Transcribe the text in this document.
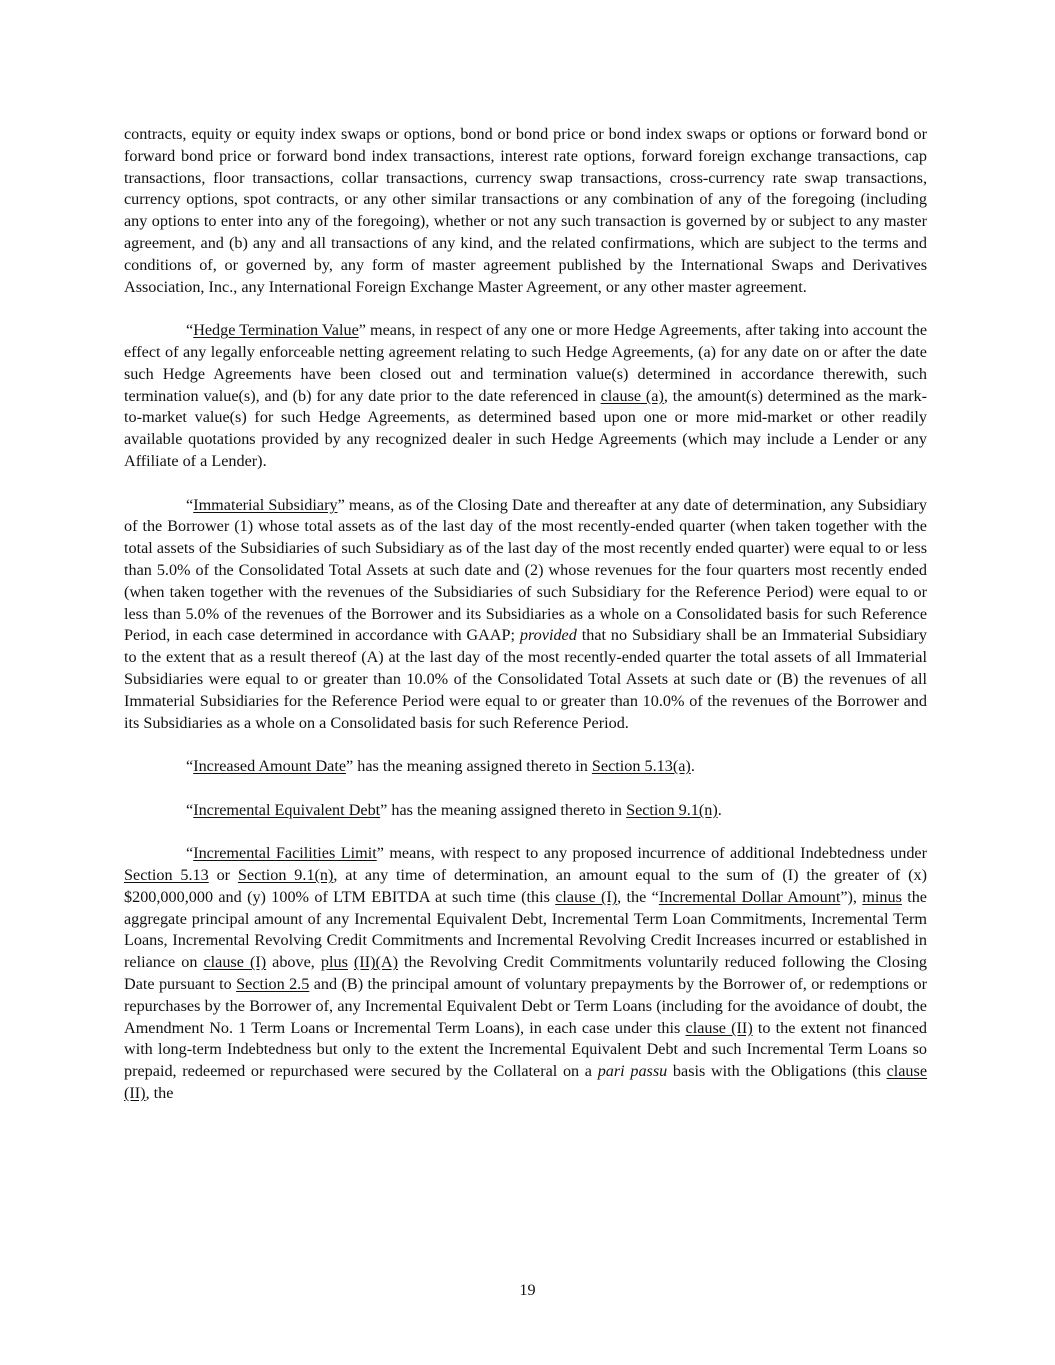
contracts, equity or equity index swaps or options, bond or bond price or bond index swaps or options or forward bond or forward bond price or forward bond index transactions, interest rate options, forward foreign exchange transactions, cap transactions, floor transactions, collar transactions, currency swap transactions, cross-currency rate swap transactions, currency options, spot contracts, or any other similar transactions or any combination of any of the foregoing (including any options to enter into any of the foregoing), whether or not any such transaction is governed by or subject to any master agreement, and (b) any and all transactions of any kind, and the related confirmations, which are subject to the terms and conditions of, or governed by, any form of master agreement published by the International Swaps and Derivatives Association, Inc., any International Foreign Exchange Master Agreement, or any other master agreement.

“Hedge Termination Value” means, in respect of any one or more Hedge Agreements, after taking into account the effect of any legally enforceable netting agreement relating to such Hedge Agreements, (a) for any date on or after the date such Hedge Agreements have been closed out and termination value(s) determined in accordance therewith, such termination value(s), and (b) for any date prior to the date referenced in clause (a), the amount(s) determined as the mark-to-market value(s) for such Hedge Agreements, as determined based upon one or more mid-market or other readily available quotations provided by any recognized dealer in such Hedge Agreements (which may include a Lender or any Affiliate of a Lender).

“Immaterial Subsidiary” means, as of the Closing Date and thereafter at any date of determination, any Subsidiary of the Borrower (1) whose total assets as of the last day of the most recently-ended quarter (when taken together with the total assets of the Subsidiaries of such Subsidiary as of the last day of the most recently ended quarter) were equal to or less than 5.0% of the Consolidated Total Assets at such date and (2) whose revenues for the four quarters most recently ended (when taken together with the revenues of the Subsidiaries of such Subsidiary for the Reference Period) were equal to or less than 5.0% of the revenues of the Borrower and its Subsidiaries as a whole on a Consolidated basis for such Reference Period, in each case determined in accordance with GAAP; provided that no Subsidiary shall be an Immaterial Subsidiary to the extent that as a result thereof (A) at the last day of the most recently-ended quarter the total assets of all Immaterial Subsidiaries were equal to or greater than 10.0% of the Consolidated Total Assets at such date or (B) the revenues of all Immaterial Subsidiaries for the Reference Period were equal to or greater than 10.0% of the revenues of the Borrower and its Subsidiaries as a whole on a Consolidated basis for such Reference Period.

“Increased Amount Date” has the meaning assigned thereto in Section 5.13(a).

“Incremental Equivalent Debt” has the meaning assigned thereto in Section 9.1(n).

“Incremental Facilities Limit” means, with respect to any proposed incurrence of additional Indebtedness under Section 5.13 or Section 9.1(n), at any time of determination, an amount equal to the sum of (I) the greater of (x) $200,000,000 and (y) 100% of LTM EBITDA at such time (this clause (I), the “Incremental Dollar Amount”), minus the aggregate principal amount of any Incremental Equivalent Debt, Incremental Term Loan Commitments, Incremental Term Loans, Incremental Revolving Credit Commitments and Incremental Revolving Credit Increases incurred or established in reliance on clause (I) above, plus (II)(A) the Revolving Credit Commitments voluntarily reduced following the Closing Date pursuant to Section 2.5 and (B) the principal amount of voluntary prepayments by the Borrower of, or redemptions or repurchases by the Borrower of, any Incremental Equivalent Debt or Term Loans (including for the avoidance of doubt, the Amendment No. 1 Term Loans or Incremental Term Loans), in each case under this clause (II) to the extent not financed with long-term Indebtedness but only to the extent the Incremental Equivalent Debt and such Incremental Term Loans so prepaid, redeemed or repurchased were secured by the Collateral on a pari passu basis with the Obligations (this clause (II), the

19
